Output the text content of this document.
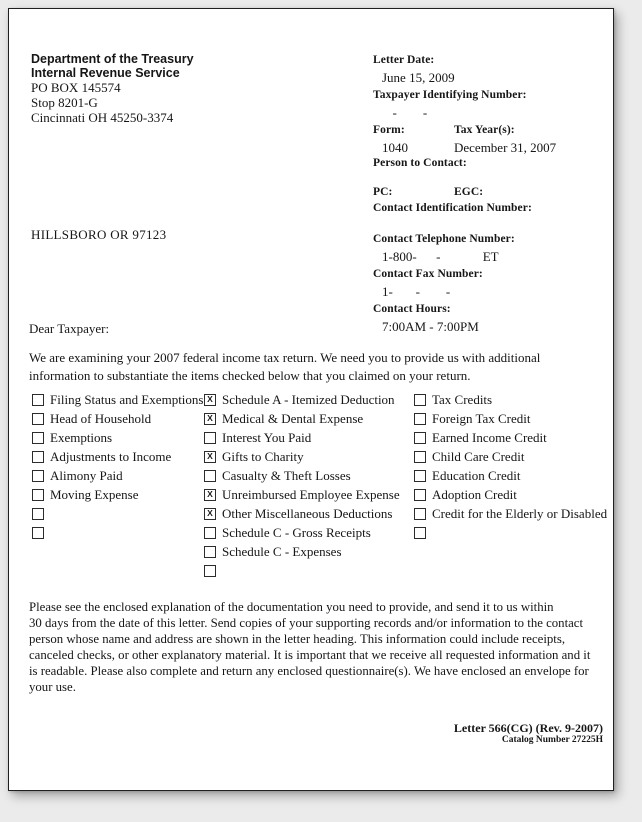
Department of the Treasury
Internal Revenue Service
PO BOX 145574
Stop 8201-G
Cincinnati OH 45250-3374
Letter Date:
June 15, 2009
Taxpayer Identifying Number:
-        -
Form:	Tax Year(s):
1040	December 31, 2007
Person to Contact:
PC:	EGC:
Contact Identification Number:
Contact Telephone Number:
1-800-      -             ET
Contact Fax Number:
1-       -        -
Contact Hours:
7:00AM - 7:00PM
HILLSBORO OR 97123
Dear Taxpayer:
We are examining your 2007 federal income tax return. We need you to provide us with additional
information to substantiate the items checked below that you claimed on your return.
Filing Status and Exemptions
Head of Household
Exemptions
Adjustments to Income
Alimony Paid
Moving Expense
X Schedule A - Itemized Deduction
X Medical & Dental Expense
Interest You Paid
X Gifts to Charity
Casualty & Theft Losses
X Unreimbursed Employee Expense
X Other Miscellaneous Deductions
Schedule C - Gross Receipts
Schedule C - Expenses
Tax Credits
Foreign Tax Credit
Earned Income Credit
Child Care Credit
Education Credit
Adoption Credit
Credit for the Elderly or Disabled
Please see the enclosed explanation of the documentation you need to provide, and send it to us within
30 days from the date of this letter. Send copies of your supporting records and/or information to the contact
person whose name and address are shown in the letter heading. This information could include receipts,
canceled checks, or other explanatory material. It is important that we receive all requested information and it
is readable. Please also complete and return any enclosed questionnaire(s). We have enclosed an envelope for
your use.
Letter 566(CG) (Rev. 9-2007)
Catalog Number 27225H
